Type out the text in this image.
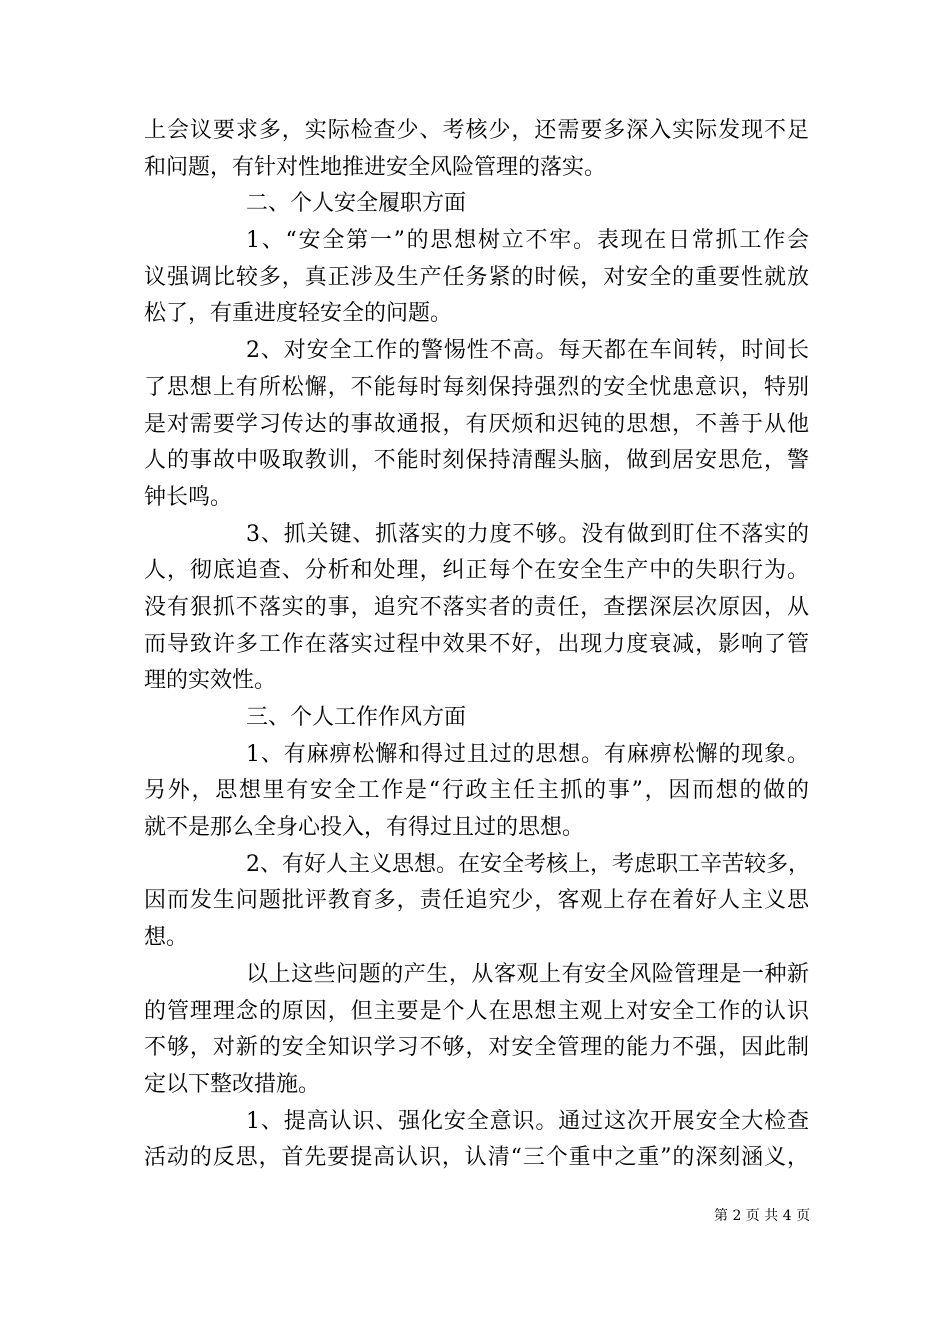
上会议要求多，实际检查少、考核少，还需要多深入实际发现不足
和问题，有针对性地推进安全风险管理的落实。
二、个人安全履职方面
1、“安全第一”的思想树立不牢。表现在日常抓工作会
议强调比较多，真正涉及生产任务紧的时候，对安全的重要性就放
松了，有重进度轻安全的问题。
2、对安全工作的警惕性不高。每天都在车间转，时间长
了思想上有所松懈，不能每时每刻保持强烈的安全忧患意识，特别
是对需要学习传达的事故通报，有厌烦和迟钝的思想，不善于从他
人的事故中吸取教训，不能时刻保持清醒头脑，做到居安思危，警
钟长鸣。
3、抓关键、抓落实的力度不够。没有做到盯住不落实的
人，彻底追查、分析和处理，纠正每个在安全生产中的失职行为。
没有狠抓不落实的事，追究不落实者的责任，查摆深层次原因，从
而导致许多工作在落实过程中效果不好，出现力度衰减，影响了管
理的实效性。
三、个人工作作风方面
1、有麻痹松懈和得过且过的思想。有麻痹松懈的现象。
另外，思想里有安全工作是“行政主任主抓的事”，因而想的做的
就不是那么全身心投入，有得过且过的思想。
2、有好人主义思想。在安全考核上，考虑职工辛苦较多，
因而发生问题批评教育多，责任追究少，客观上存在着好人主义思
想。
以上这些问题的产生，从客观上有安全风险管理是一种新
的管理理念的原因，但主要是个人在思想主观上对安全工作的认识
不够，对新的安全知识学习不够，对安全管理的能力不强，因此制
定以下整改措施。
1、提高认识、强化安全意识。通过这次开展安全大检查
活动的反思，首先要提高认识，认清“三个重中之重”的深刻涵义，
第 2 页 共 4 页
